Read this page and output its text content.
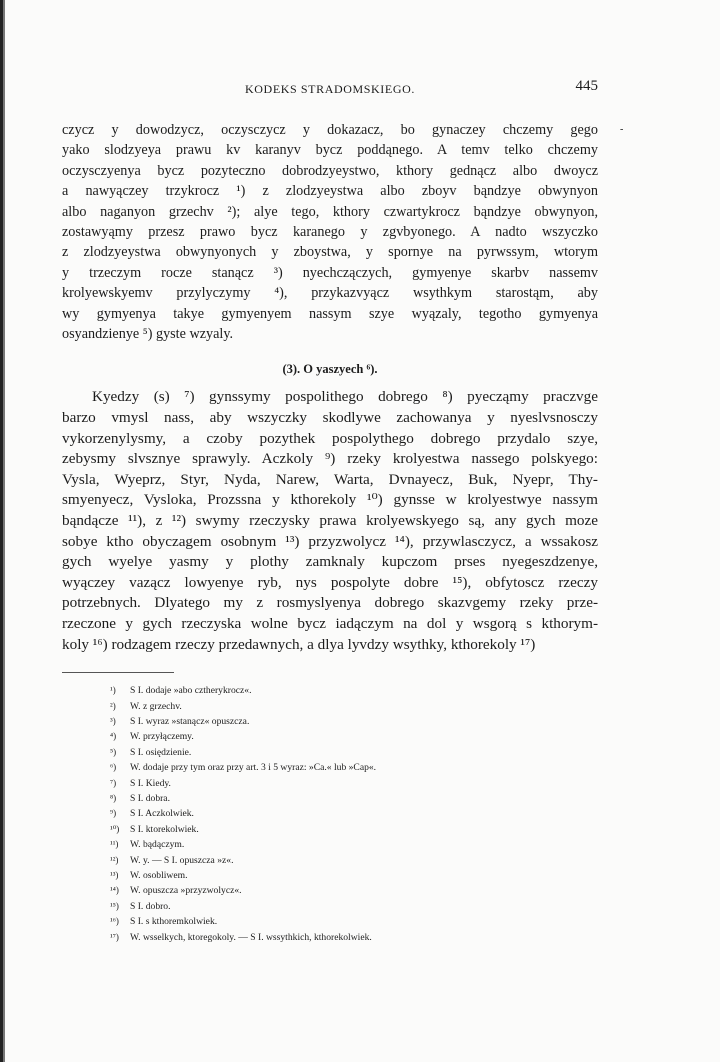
-
KODEKS STRADOMSKIEGO.	445
czycz y dowodzycz, oczysczycz y dokazacz, bo gynaczey chczemy gego
yako slodzyeya prawu kv karanyv bycz poddąnego. A temv telko chczemy
oczysczyenya bycz pozyteczno dobrodzyeystwo, kthory gednącz albo dwoycz
a nawyączey trzykrocz ¹) z zlodzyeystwa albo zboyv bąndzye obwynyon
albo naganyon grzechv ²); alye tego, kthory czwartykrocz bąndzye obwynyon,
zostawyąmy przesz prawo bycz karanego y zgvbyonego. A nadto wszyczko
z zlodzyeystwa obwynyonych y zboystwa, y spornye na pyrwssym, wtorym
y trzeczym rocze stanącz ³) nyechczączych, gymyenye skarbv nassemv
krolyewskyemv przylyczymy ⁴), przykazvyącz wsythkym starostąm, aby
wy gymyenya takye gymyenyem nassym szye wyązaly, tegotho gymyenya
osyandzienye ⁵) gyste wzyaly.
(3). O yaszyech ⁶).
Kyedzy (s) ⁷) gynssymy pospolithego dobrego ⁸) pyecząmy praczvge
barzo vmysl nass, aby wszyczky skodlywe zachowanya y nyeslvsnosczy
vykorzenylysmy, a czoby pozythek pospolythego dobrego przydalo szye,
zebysmy slvsznye sprawyly. Aczkoly ⁹) rzeky krolyestwa nassego polskyego:
Vysla, Wyeprz, Styr, Nyda, Narew, Warta, Dvnayecz, Buk, Nyepr, Thy-
smyenyecz, Vysloka, Prozssna y kthorekoly ¹⁰) gynsse w krolyestwye nassym
bąndącze ¹¹), z ¹²) swymy rzeczysky prawa krolyewskyego są, any gych moze
sobye ktho obyczagem osobnym ¹³) przyzwolycz ¹⁴), przywlasczycz, a wssakosz
gych wyelye yasmy y plothy zamknaly kupczom prses nyegeszdzenye,
wyączey vazącz lowyenye ryb, nys pospolyte dobre ¹⁵), obfytoscz rzeczy
potrzebnych. Dlyatego my z rosmyslyenya dobrego skazvgemy rzeky prze-
rzeczone y gych rzeczyska wolne bycz iadączym na dol y wsgorą s kthorym-
koly ¹⁶) rodzagem rzeczy przedawnych, a dlya lyvdzy wsythky, kthorekoly ¹⁷)
¹)	S I. dodaje »abo cztherykrocz«.
²)	W. z grzechv.
³)	S I. wyraz »stanącz« opuszcza.
⁴)	W. przyłączemy.
⁵)	S I. osiędzienie.
⁶)	W. dodaje przy tym oraz przy art. 3 i 5 wyraz: »Ca.« lub »Cap«.
⁷)	S I. Kiedy.
⁸)	S I. dobra.
⁹)	S I. Aczkolwiek.
¹⁰)	S I. ktorekolwiek.
¹¹)	W. bądączym.
¹²)	W. y. — S I. opuszcza »z«.
¹³)	W. osobliwem.
¹⁴)	W. opuszcza »przyzwolycz«.
¹⁵)	S I. dobro.
¹⁶)	S I. s kthoremkolwiek.
¹⁷)	W. wsselkych, ktoregokoly. — S I. wssythkich, kthorekolwiek.
